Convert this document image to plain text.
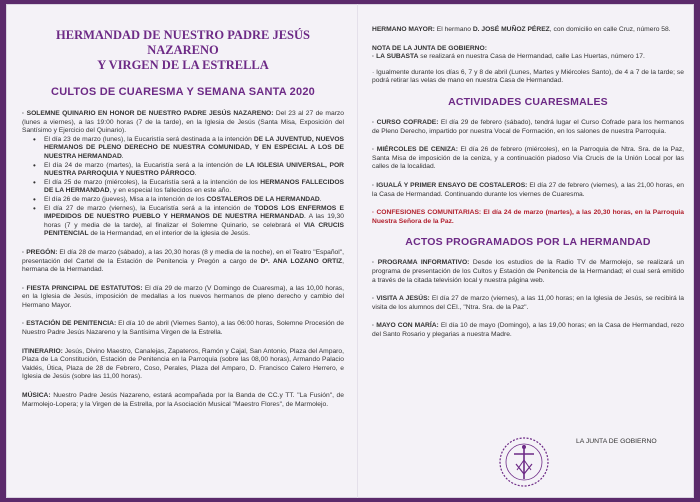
HERMANDAD DE NUESTRO PADRE JESÚS NAZARENO
Y VIRGEN DE LA ESTRELLA
CULTOS DE CUARESMA Y SEMANA SANTA 2020

· SOLEMNE QUINARIO EN HONOR DE NUESTRO PADRE JESÚS NAZARENO: Del 23 al 27 de marzo (lunes a viernes), a las 19:00 horas (7 de la tarde), en la Iglesia de Jesús (Santa Misa, Exposición del Santísimo y Ejercicio del Quinario).

• El día 23 de marzo (lunes), la Eucaristía será destinada a la intención DE LA JUVENTUD, NUEVOS HERMANOS DE PLENO DERECHO DE NUESTRA COMUNIDAD, Y EN ESPECIAL A LOS DE NUESTRA HERMANDAD.
• El día 24 de marzo (martes), la Eucaristía será a la intención de LA IGLESIA UNIVERSAL, POR NUESTRA PARROQUIA Y NUESTRO PÁRROCO.
• El día 25 de marzo (miércoles), la Eucaristía será a la intención de los HERMANOS FALLECIDOS DE LA HERMANDAD, y en especial los fallecidos en este año.
• El día 26 de marzo (jueves), Misa a la intención de los COSTALEROS DE LA HERMANDAD.
• El día 27 de marzo (viernes), la Eucaristía será a la intención de TODOS LOS ENFERMOS E IMPEDIDOS DE NUESTRO PUEBLO Y HERMANOS DE NUESTRA HERMANDAD. A las 19,30 horas (7 y media de la tarde), al finalizar el Solemne Quinario, se celebrará el VIA CRUCIS PENITENCIAL de la Hermandad, en el interior de la iglesia de Jesús.

· PREGÓN: El día 28 de marzo (sábado), a las 20,30 horas (8 y media de la noche), en el Teatro "Español", presentación del Cartel de la Estación de Penitencia y Pregón a cargo de Dª. ANA LOZANO ORTIZ, hermana de la Hermandad.

· FIESTA PRINCIPAL DE ESTATUTOS: El día 29 de marzo (V Domingo de Cuaresma), a las 10,00 horas, en la Iglesia de Jesús, imposición de medallas a los nuevos hermanos de pleno derecho y cambio del Hermano Mayor.

· ESTACIÓN DE PENITENCIA: El día 10 de abril (Viernes Santo), a las 06:00 horas, Solemne Procesión de Nuestro Padre Jesús Nazareno y la Santísima Virgen de la Estrella.

ITINERARIO: Jesús, Divino Maestro, Canalejas, Zapateros, Ramón y Cajal, San Antonio, Plaza del Amparo, Plaza de La Constitución, Estación de Penitencia en la Parroquia (sobre las 08,00 horas), Armando Palacio Valdés, Útica, Plaza de 28 de Febrero, Coso, Perales, Plaza del Amparo, D. Francisco Calero Herrero, e Iglesia de Jesús (sobre las 11,00 horas).

MÚSICA: Nuestro Padre Jesús Nazareno, estará acompañada por la Banda de CC.y TT. "La Fusión", de Marmolejo-Lopera; y la Virgen de la Estrella, por la Asociación Musical "Maestro Flores", de Marmolejo.

HERMANO MAYOR: El hermano D. JOSÉ MUÑOZ PÉREZ, con domicilio en calle Cruz, número 58.

NOTA DE LA JUNTA DE GOBIERNO:

· LA SUBASTA se realizará en nuestra Casa de Hermandad, calle Las Huertas, número 17.

· Igualmente durante los días 6, 7 y 8 de abril (Lunes, Martes y Miércoles Santo), de 4 a 7 de la tarde; se podrá retirar las velas de mano en nuestra Casa de Hermandad.

ACTIVIDADES CUARESMALES

· CURSO COFRADE: El día 29 de febrero (sábado), tendrá lugar el Curso Cofrade para los hermanos de Pleno Derecho, impartido por nuestra Vocal de Formación, en los salones de nuestra Parroquia.

· MIÉRCOLES DE CENIZA: El día 26 de febrero (miércoles), en la Parroquia de Ntra. Sra. de la Paz, Santa Misa de imposición de la ceniza, y a continuación piadoso Vía Crucis de la Unión Local por las calles de la localidad.

· IGUALÁ Y PRIMER ENSAYO DE COSTALEROS: El día 27 de febrero (viernes), a las 21,00 horas, en la Casa de Hermandad. Continuando durante los viernes de Cuaresma.

· CONFESIONES COMUNITARIAS: El día 24 de marzo (martes), a las 20,30 horas, en la Parroquia Nuestra Señora de la Paz.

ACTOS PROGRAMADOS POR LA HERMANDAD

· PROGRAMA INFORMATIVO: Desde los estudios de la Radio TV de Marmolejo, se realizará un programa de presentación de los Cultos y Estación de Penitencia de la Hermandad; el cual será emitido a través de la citada televisión local y nuestra página web.

· VISITA A JESÚS: El día 27 de marzo (viernes), a las 11,00 horas; en la Iglesia de Jesús, se recibirá la visita de los alumnos del CEI., "Ntra. Sra. de la Paz".

· MAYO CON MARÍA: El día 10 de mayo (Domingo), a las 19,00 horas; en la Casa de Hermandad, rezo del Santo Rosario y plegarias a nuestra Madre.

LA JUNTA DE GOBIERNO
